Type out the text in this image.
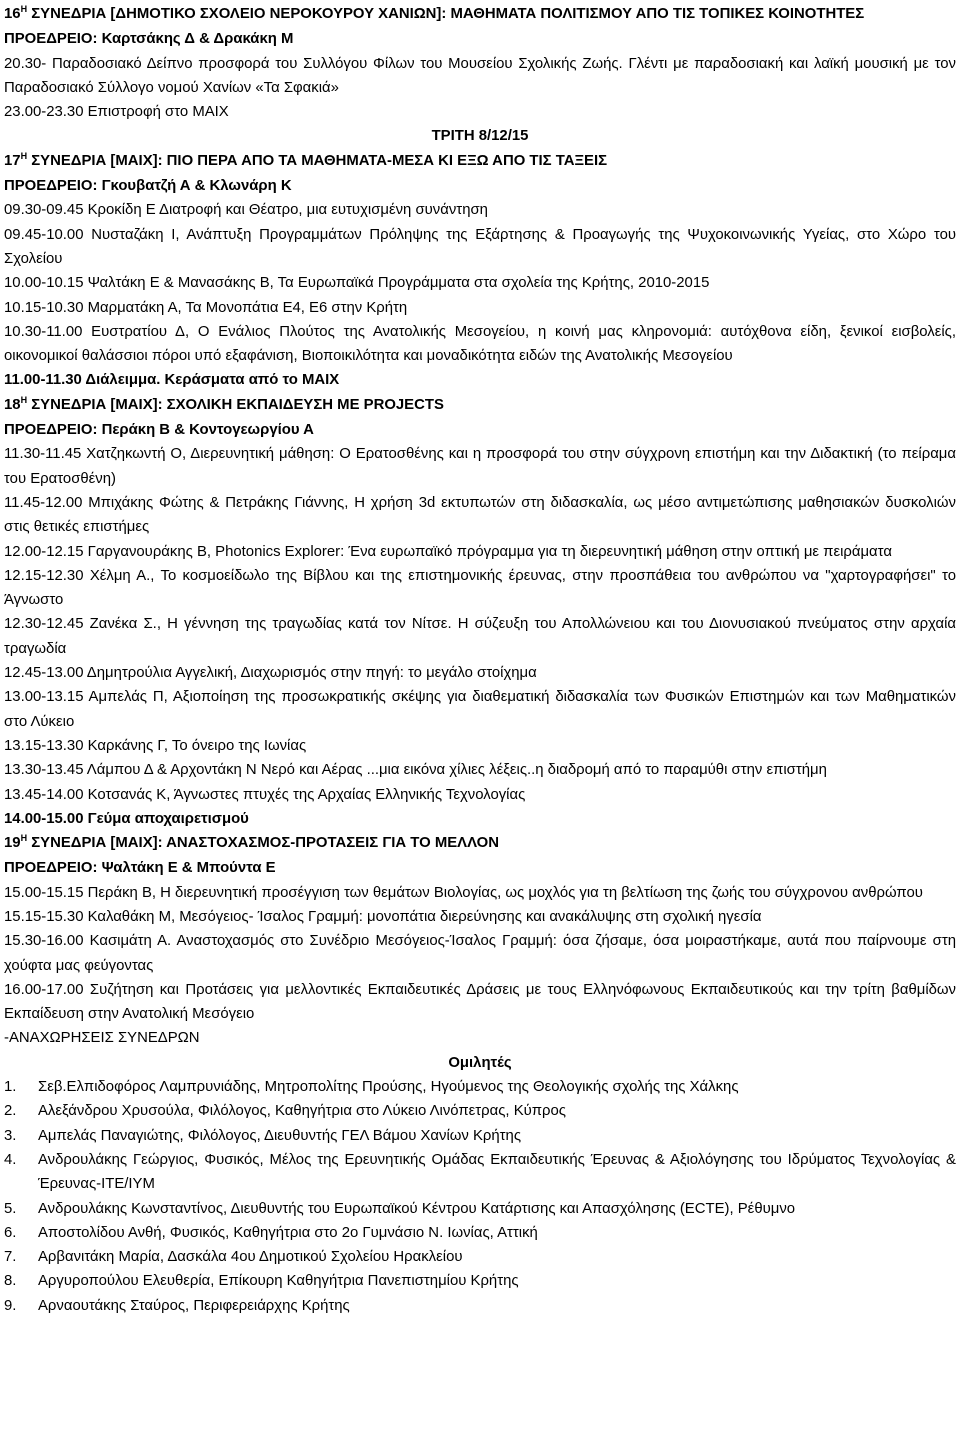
$16^H$ ΣΥΝΕΔΡΙΑ [ΔΗΜΟΤΙΚΟ ΣΧΟΛΕΙΟ ΝΕΡΟΚΟΥΡΟΥ ΧΑΝΙΩΝ]: ΜΑΘΗΜΑΤΑ ΠΟΛΙΤΙΣΜΟΥ ΑΠΟ ΤΙΣ ΤΟΠΙΚΕΣ ΚΟΙΝΟΤΗΤΕΣ

ΠΡΟΕΔΡΕΙΟ: Καρτσάκης Δ & Δρακάκη Μ

20.30- Παραδοσιακό Δείπνο προσφορά του Συλλόγου Φίλων του Μουσείου Σχολικής Ζωής. Γλέντι με παραδοσιακή και λαϊκή μουσική με τον Παραδοσιακό Σύλλογο νομού Χανίων «Τα Σφακιά»

23.00-23.30 Επιστροφή στο ΜΑΙΧ

ΤΡΙΤΗ 8/12/15

$17^H$ ΣΥΝΕΔΡΙΑ [ΜΑΙΧ]: ΠΙΟ ΠΕΡΑ ΑΠΟ ΤΑ ΜΑΘΗΜΑΤΑ-ΜΕΣΑ ΚΙ ΕΞΩ ΑΠΟ ΤΙΣ ΤΑΞΕΙΣ

ΠΡΟΕΔΡΕΙΟ: Γκουβατζή Α & Κλωνάρη Κ

09.30-09.45 Κροκίδη Ε Διατροφή και Θέατρο, μια ευτυχισμένη συνάντηση

09.45-10.00 Νυσταζάκη Ι, Ανάπτυξη Προγραμμάτων Πρόληψης της Εξάρτησης & Προαγωγής της Ψυχοκοινωνικής Υγείας, στο Χώρο του Σχολείου

10.00-10.15 Ψαλτάκη Ε & Μανασάκης Β, Τα Ευρωπαϊκά Προγράμματα στα σχολεία της Κρήτης, 2010-2015

10.15-10.30 Μαρματάκη Α, Τα Μονοπάτια Ε4, Ε6 στην Κρήτη

10.30-11.00 Ευστρατίου Δ, Ο Ενάλιος Πλούτος της Ανατολικής Μεσογείου, η κοινή μας κληρονομιά: αυτόχθονα είδη, ξενικοί εισβολείς, οικονομικοί θαλάσσιοι πόροι υπό εξαφάνιση, Βιοποικιλότητα και μοναδικότητα ειδών της Ανατολικής Μεσογείου

11.00-11.30 Διάλειμμα. Κεράσματα από το ΜΑΙΧ

$18^H$ ΣΥΝΕΔΡΙΑ [ΜΑΙΧ]: ΣΧΟΛΙΚΗ ΕΚΠΑΙΔΕΥΣΗ ΜΕ PROJECTS

ΠΡΟΕΔΡΕΙΟ: Περάκη Β & Κοντογεωργίου Α

11.30-11.45 Χατζηκωντή Ο, Διερευνητική μάθηση: Ο Ερατοσθένης και η προσφορά του στην σύγχρονη επιστήμη και την Διδακτική (το πείραμα του Ερατοσθένη)

11.45-12.00 Μπιχάκης Φώτης & Πετράκης Γιάννης, Η χρήση 3d εκτυπωτών στη διδασκαλία, ως μέσο αντιμετώπισης μαθησιακών δυσκολιών στις θετικές επιστήμες

12.00-12.15 Γαργανουράκης Β, Photonics Explorer: Ένα ευρωπαϊκό πρόγραμμα για τη διερευνητική μάθηση στην οπτική με πειράματα

12.15-12.30 Χέλμη Α., Το κοσμοείδωλο της Βίβλου και της επιστημονικής έρευνας, στην προσπάθεια του ανθρώπου να "χαρτογραφήσει" το Άγνωστο

12.30-12.45 Ζανέκα Σ., Η γέννηση της τραγωδίας κατά τον Νίτσε. Η σύζευξη του Απολλώνειου και του Διονυσιακού πνεύματος στην αρχαία τραγωδία

12.45-13.00 Δημητρούλια Αγγελική, Διαχωρισμός στην πηγή: το μεγάλο στοίχημα

13.00-13.15 Αμπελάς Π, Αξιοποίηση της προσωκρατικής σκέψης για διαθεματική διδασκαλία των Φυσικών Επιστημών και των Μαθηματικών στο Λύκειο

13.15-13.30 Καρκάνης Γ, Το όνειρο της Ιωνίας

13.30-13.45 Λάμπου Δ & Αρχοντάκη Ν Νερό και Αέρας ...μια εικόνα χίλιες λέξεις..η διαδρομή από το παραμύθι στην επιστήμη

13.45-14.00 Κοτσανάς Κ, Άγνωστες πτυχές της Αρχαίας Ελληνικής Τεχνολογίας

14.00-15.00 Γεύμα αποχαιρετισμού

$19^H$ ΣΥΝΕΔΡΙΑ [ΜΑΙΧ]: ΑΝΑΣΤΟΧΑΣΜΟΣ-ΠΡΟΤΑΣΕΙΣ ΓΙΑ ΤΟ ΜΕΛΛΟΝ

ΠΡΟΕΔΡΕΙΟ: Ψαλτάκη Ε & Μπούντα Ε

15.00-15.15 Περάκη Β, Η διερευνητική προσέγγιση των θεμάτων Βιολογίας, ως μοχλός για τη βελτίωση της ζωής του σύγχρονου ανθρώπου

15.15-15.30 Καλαθάκη Μ, Μεσόγειος- Ίσαλος Γραμμή: μονοπάτια διερεύνησης και ανακάλυψης στη σχολική ηγεσία

15.30-16.00 Κασιμάτη Α. Αναστοχασμός στο Συνέδριο Μεσόγειος-Ίσαλος Γραμμή: όσα ζήσαμε, όσα μοιραστήκαμε, αυτά που παίρνουμε στη χούφτα μας φεύγοντας

16.00-17.00 Συζήτηση και Προτάσεις για μελλοντικές Εκπαιδευτικές Δράσεις με τους Ελληνόφωνους Εκπαιδευτικούς και την τρίτη βαθμίδων Εκπαίδευση στην Ανατολική Μεσόγειο

-ΑΝΑΧΩΡΗΣΕΙΣ ΣΥΝΕΔΡΩΝ

Ομιλητές

1.	Σεβ.Ελπιδοφόρος Λαμπρυνιάδης, Μητροπολίτης Προύσης, Ηγούμενος της Θεολογικής σχολής της Χάλκης
2.	Αλεξάνδρου Χρυσούλα, Φιλόλογος, Καθηγήτρια στο Λύκειο Λινόπετρας, Κύπρος
3.	Αμπελάς Παναγιώτης, Φιλόλογος, Διευθυντής ΓΕΛ Βάμου Χανίων Κρήτης
4.	Ανδρουλάκης Γεώργιος, Φυσικός, Μέλος της Ερευνητικής Ομάδας Εκπαιδευτικής Έρευνας & Αξιολόγησης του Ιδρύματος Τεχνολογίας & Έρευνας-ΙΤΕ/ΙΥΜ
5.	Ανδρουλάκης Κωνσταντίνος, Διευθυντής του Ευρωπαϊκού Κέντρου Κατάρτισης και Απασχόλησης (ECTE), Ρέθυμνο
6.	Αποστολίδου Ανθή, Φυσικός, Καθηγήτρια στο 2ο Γυμνάσιο Ν. Ιωνίας, Αττική
7.	Αρβανιτάκη Μαρία, Δασκάλα 4ου Δημοτικού Σχολείου Ηρακλείου
8.	Αργυροπούλου Ελευθερία, Επίκουρη Καθηγήτρια Πανεπιστημίου Κρήτης
9.	Αρναουτάκης Σταύρος, Περιφερειάρχης Κρήτης
